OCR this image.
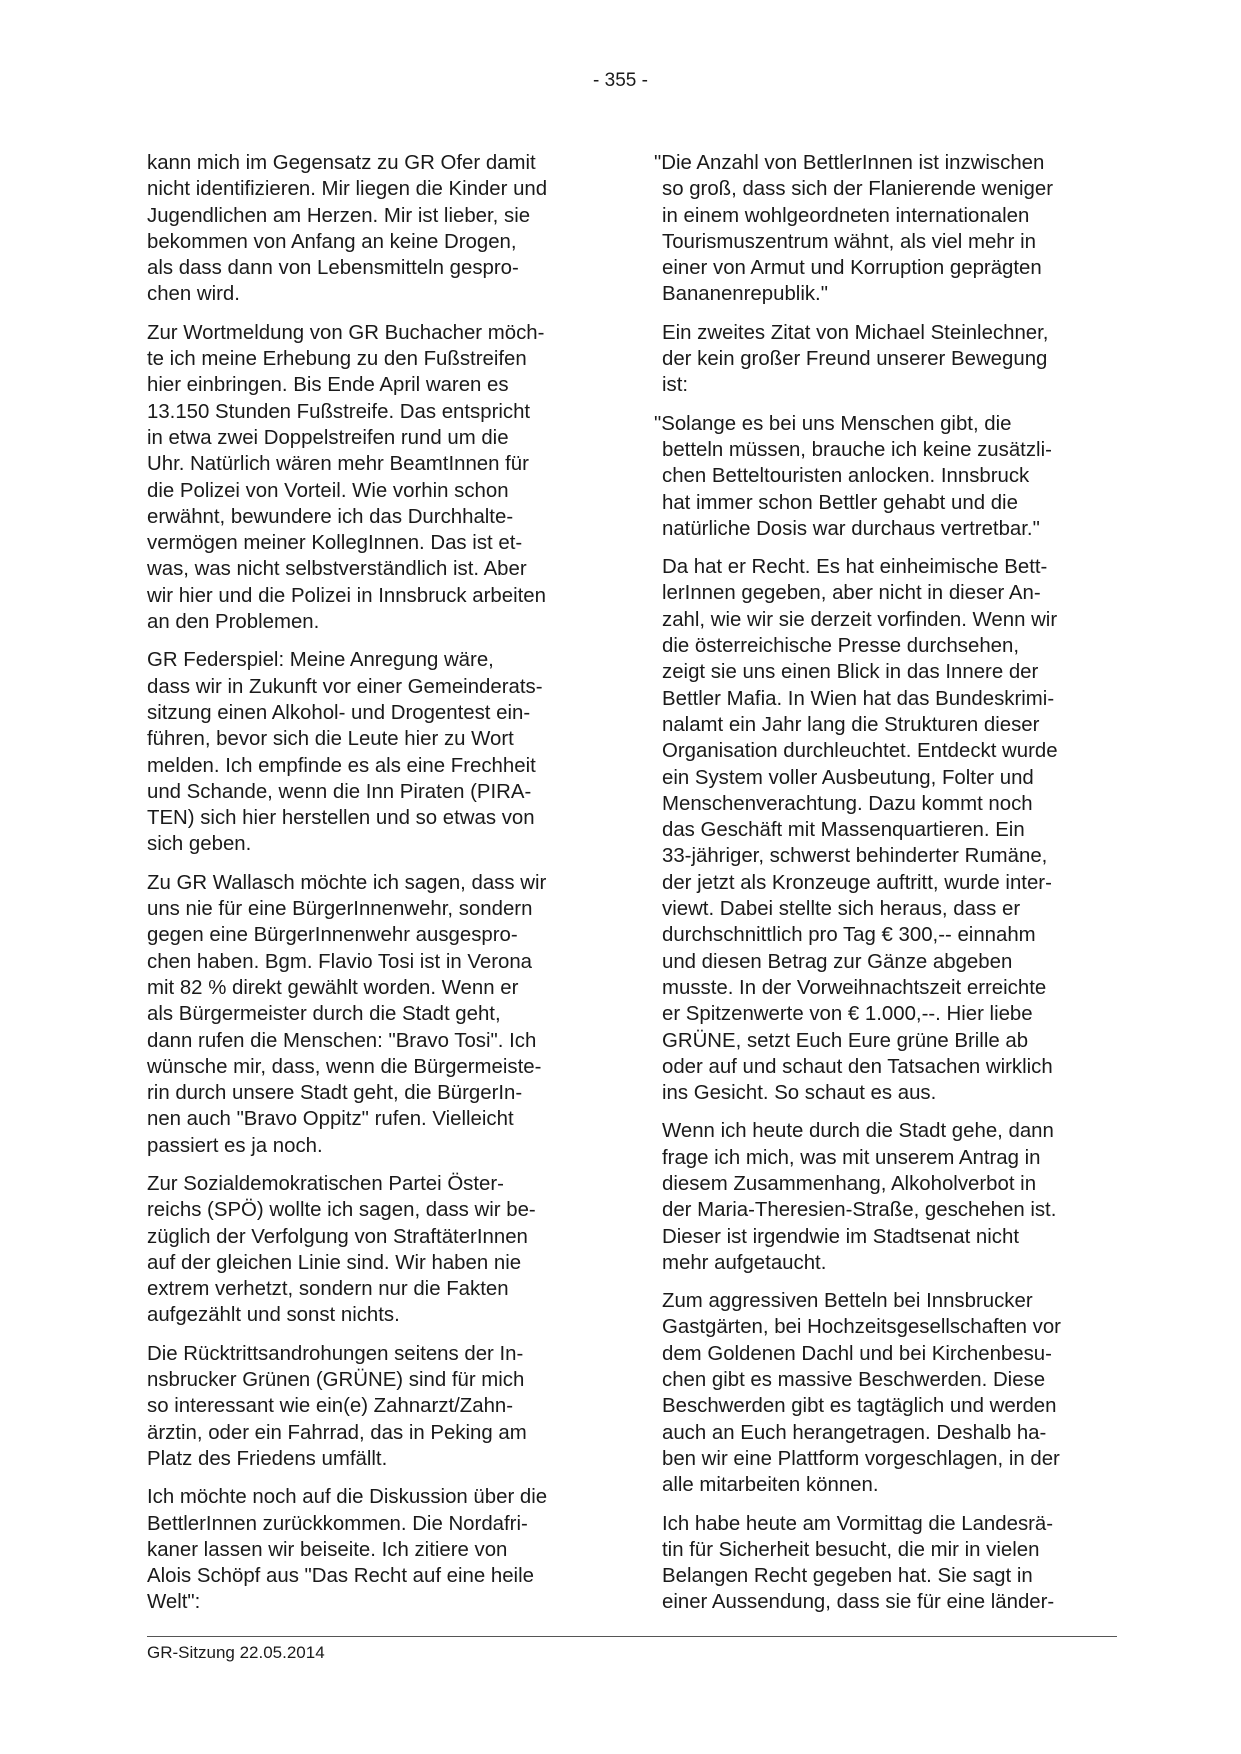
- 355 -

kann mich im Gegensatz zu GR Ofer damit
nicht identifizieren. Mir liegen die Kinder und
Jugendlichen am Herzen. Mir ist lieber, sie
bekommen von Anfang an keine Drogen,
als dass dann von Lebensmitteln gespro-
chen wird.

Zur Wortmeldung von GR Buchacher möch-
te ich meine Erhebung zu den Fußstreifen
hier einbringen. Bis Ende April waren es
13.150 Stunden Fußstreife. Das entspricht
in etwa zwei Doppelstreifen rund um die
Uhr. Natürlich wären mehr BeamtInnen für
die Polizei von Vorteil. Wie vorhin schon
erwähnt, bewundere ich das Durchhalte-
vermögen meiner KollegInnen. Das ist et-
was, was nicht selbstverständlich ist. Aber
wir hier und die Polizei in Innsbruck arbeiten
an den Problemen.

GR Federspiel: Meine Anregung wäre,
dass wir in Zukunft vor einer Gemeinderats-
sitzung einen Alkohol- und Drogentest ein-
führen, bevor sich die Leute hier zu Wort
melden. Ich empfinde es als eine Frechheit
und Schande, wenn die Inn Piraten (PIRA-
TEN) sich hier herstellen und so etwas von
sich geben.

Zu GR Wallasch möchte ich sagen, dass wir
uns nie für eine BürgerInnenwehr, sondern
gegen eine BürgerInnenwehr ausgespro-
chen haben. Bgm. Flavio Tosi ist in Verona
mit 82 % direkt gewählt worden. Wenn er
als Bürgermeister durch die Stadt geht,
dann rufen die Menschen: "Bravo Tosi". Ich
wünsche mir, dass, wenn die Bürgermeiste-
rin durch unsere Stadt geht, die BürgerIn-
nen auch "Bravo Oppitz" rufen. Vielleicht
passiert es ja noch.

Zur Sozialdemokratischen Partei Öster-
reichs (SPÖ) wollte ich sagen, dass wir be-
züglich der Verfolgung von StraftäterInnen
auf der gleichen Linie sind. Wir haben nie
extrem verhetzt, sondern nur die Fakten
aufgezählt und sonst nichts.

Die Rücktrittsandrohungen seitens der In-
nsbrucker Grünen (GRÜNE) sind für mich
so interessant wie ein(e) Zahnarzt/Zahn-
ärztin, oder ein Fahrrad, das in Peking am
Platz des Friedens umfällt.

Ich möchte noch auf die Diskussion über die
BettlerInnen zurückkommen. Die Nordafri-
kaner lassen wir beiseite. Ich zitiere von
Alois Schöpf aus "Das Recht auf eine heile
Welt":

"Die Anzahl von BettlerInnen ist inzwischen
so groß, dass sich der Flanierende weniger
in einem wohlgeordneten internationalen
Tourismuszentrum wähnt, als viel mehr in
einer von Armut und Korruption geprägten
Bananenrepublik."

Ein zweites Zitat von Michael Steinlechner,
der kein großer Freund unserer Bewegung
ist:

"Solange es bei uns Menschen gibt, die
betteln müssen, brauche ich keine zusätzli-
chen Betteltouristen anlocken. Innsbruck
hat immer schon Bettler gehabt und die
natürliche Dosis war durchaus vertretbar."

Da hat er Recht. Es hat einheimische Bett-
lerInnen gegeben, aber nicht in dieser An-
zahl, wie wir sie derzeit vorfinden. Wenn wir
die österreichische Presse durchsehen,
zeigt sie uns einen Blick in das Innere der
Bettler Mafia. In Wien hat das Bundeskrimi-
nalamt ein Jahr lang die Strukturen dieser
Organisation durchleuchtet. Entdeckt wurde
ein System voller Ausbeutung, Folter und
Menschenverachtung. Dazu kommt noch
das Geschäft mit Massenquartieren. Ein
33-jähriger, schwerst behinderter Rumäne,
der jetzt als Kronzeuge auftritt, wurde inter-
viewt. Dabei stellte sich heraus, dass er
durchschnittlich pro Tag € 300,-- einnahm
und diesen Betrag zur Gänze abgeben
musste. In der Vorweihnachtszeit erreichte
er Spitzenwerte von € 1.000,--. Hier liebe
GRÜNE, setzt Euch Eure grüne Brille ab
oder auf und schaut den Tatsachen wirklich
ins Gesicht. So schaut es aus.

Wenn ich heute durch die Stadt gehe, dann
frage ich mich, was mit unserem Antrag in
diesem Zusammenhang, Alkoholverbot in
der Maria-Theresien-Straße, geschehen ist.
Dieser ist irgendwie im Stadtsenat nicht
mehr aufgetaucht.

Zum aggressiven Betteln bei Innsbrucker
Gastgärten, bei Hochzeitsgesellschaften vor
dem Goldenen Dachl und bei Kirchenbesu-
chen gibt es massive Beschwerden. Diese
Beschwerden gibt es tagtäglich und werden
auch an Euch herangetragen. Deshalb ha-
ben wir eine Plattform vorgeschlagen, in der
alle mitarbeiten können.

Ich habe heute am Vormittag die Landesrä-
tin für Sicherheit besucht, die mir in vielen
Belangen Recht gegeben hat. Sie sagt in
einer Aussendung, dass sie für eine länder-

GR-Sitzung 22.05.2014
